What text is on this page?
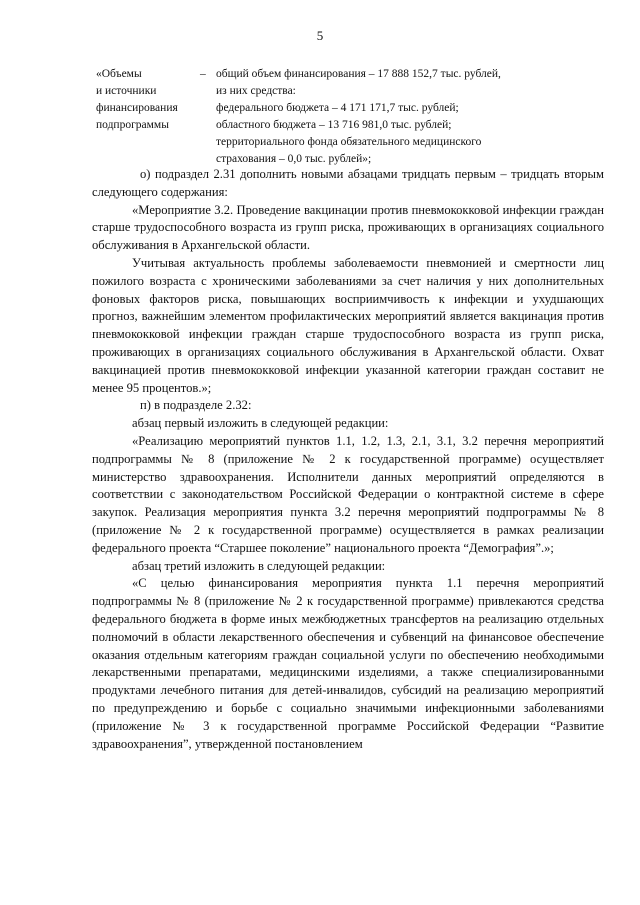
5
«Объемы
и источники
финансирования
подпрограммы
– общий объем финансирования – 17 888 152,7 тыс. рублей,
из них средства:
федерального бюджета – 4 171 171,7 тыс. рублей;
областного бюджета – 13 716 981,0 тыс. рублей;
территориального фонда обязательного медицинского
страхования – 0,0 тыс. рублей»;

о) подраздел 2.31 дополнить новыми абзацами тридцать первым – тридцать вторым следующего содержания:

«Мероприятие 3.2. Проведение вакцинации против пневмококковой инфекции граждан старше трудоспособного возраста из групп риска, проживающих в организациях социального обслуживания в Архангельской области.

Учитывая актуальность проблемы заболеваемости пневмонией и смертности лиц пожилого возраста с хроническими заболеваниями за счет наличия у них дополнительных фоновых факторов риска, повышающих восприимчивость к инфекции и ухудшающих прогноз, важнейшим элементом профилактических мероприятий является вакцинация против пневмококковой инфекции граждан старше трудоспособного возраста из групп риска, проживающих в организациях социального обслуживания в Архангельской области. Охват вакцинацией против пневмококковой инфекции указанной категории граждан составит не менее 95 процентов.»;

п) в подразделе 2.32:

абзац первый изложить в следующей редакции:

«Реализацию мероприятий пунктов 1.1, 1.2, 1.3, 2.1, 3.1, 3.2 перечня мероприятий подпрограммы № 8 (приложение № 2 к государственной программе) осуществляет министерство здравоохранения. Исполнители данных мероприятий определяются в соответствии с законодательством Российской Федерации о контрактной системе в сфере закупок. Реализация мероприятия пункта 3.2 перечня мероприятий подпрограммы № 8 (приложение № 2 к государственной программе) осуществляется в рамках реализации федерального проекта “Старшее поколение” национального проекта “Демография”.»;

абзац третий изложить в следующей редакции:

«С целью финансирования мероприятия пункта 1.1 перечня мероприятий подпрограммы № 8 (приложение № 2 к государственной программе) привлекаются средства федерального бюджета в форме иных межбюджетных трансфертов на реализацию отдельных полномочий в области лекарственного обеспечения и субвенций на финансовое обеспечение оказания отдельным категориям граждан социальной услуги по обеспечению необходимыми лекарственными препаратами, медицинскими изделиями, а также специализированными продуктами лечебного питания для детей-инвалидов, субсидий на реализацию мероприятий по предупреждению и борьбе с социально значимыми инфекционными заболеваниями (приложение № 3 к государственной программе Российской Федерации “Развитие здравоохранения”, утвержденной постановлением
